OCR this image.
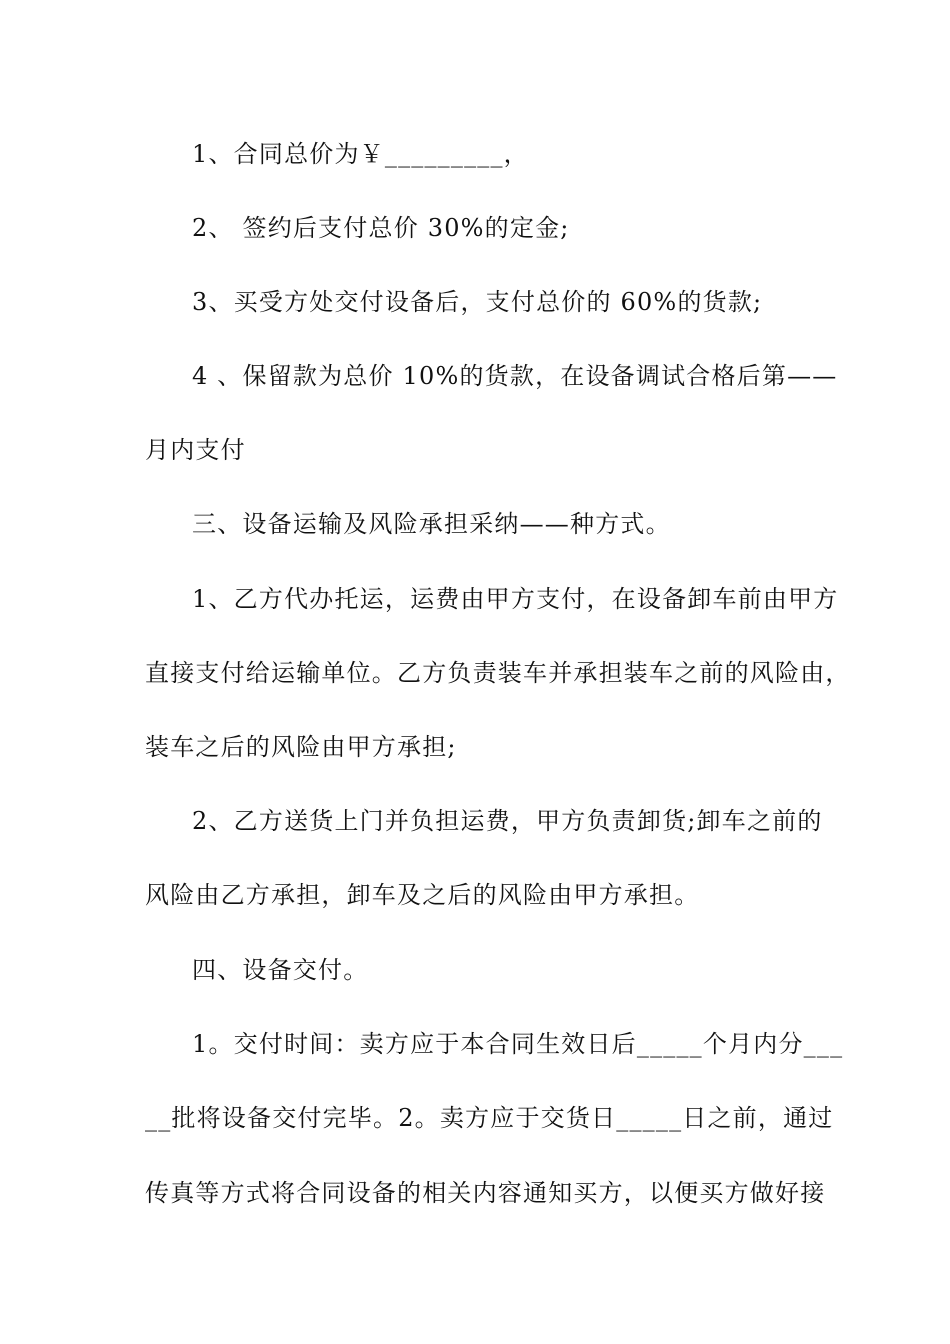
1、合同总价为￥_________，
2、 签约后支付总价 30%的定金;
3、买受方处交付设备后，支付总价的 60%的货款;
4 、保留款为总价 10%的货款，在设备调试合格后第——
月内支付
三、设备运输及风险承担采纳——种方式。
1、乙方代办托运，运费由甲方支付，在设备卸车前由甲方
直接支付给运输单位。乙方负责装车并承担装车之前的风险由，
装车之后的风险由甲方承担;
2、乙方送货上门并负担运费，甲方负责卸货;卸车之前的
风险由乙方承担，卸车及之后的风险由甲方承担。
四、设备交付。
1。交付时间：卖方应于本合同生效日后_____个月内分___
__批将设备交付完毕。2。卖方应于交货日_____日之前，通过
传真等方式将合同设备的相关内容通知买方，以便买方做好接
